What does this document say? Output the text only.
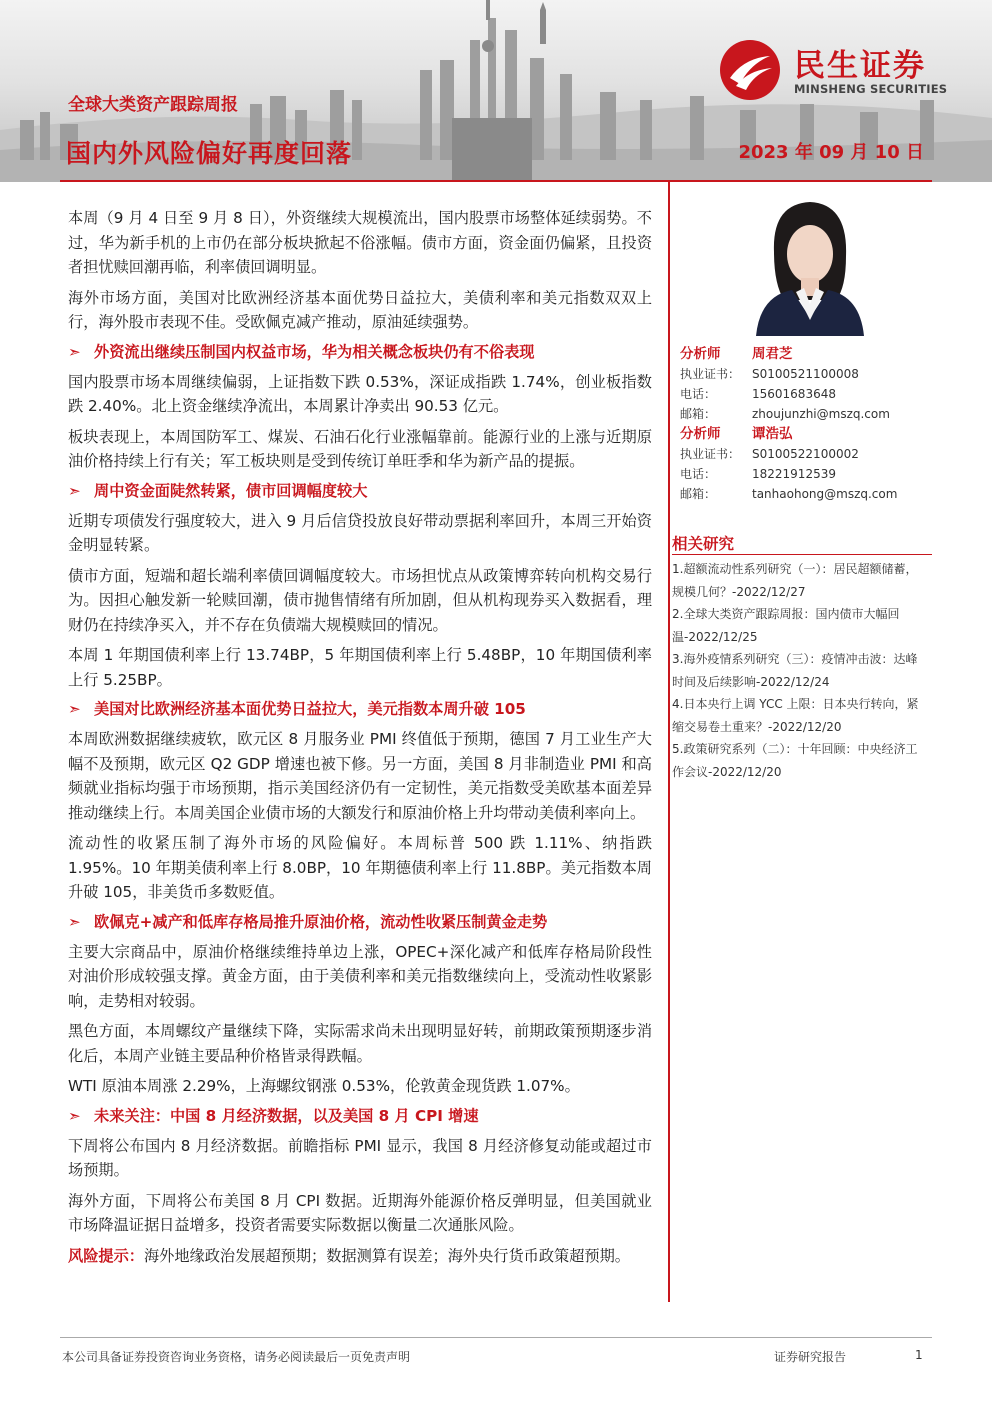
全球大类资产跟踪周报
国内外风险偏好再度回落	2023 年 09 月 10 日
民生证券
MINSHENG SECURITIES

本周（9 月 4 日至 9 月 8 日），外资继续大规模流出，国内股票市场整体延续弱势。不过，华为新手机的上市仍在部分板块掀起不俗涨幅。债市方面，资金面仍偏紧，且投资者担忧赎回潮再临，利率债回调明显。

海外市场方面，美国对比欧洲经济基本面优势日益拉大，美债利率和美元指数双双上行，海外股市表现不佳。受欧佩克减产推动，原油延续强势。

➣ 外资流出继续压制国内权益市场，华为相关概念板块仍有不俗表现

国内股票市场本周继续偏弱，上证指数下跌 0.53%，深证成指跌 1.74%，创业板指数跌 2.40%。北上资金继续净流出，本周累计净卖出 90.53 亿元。

板块表现上，本周国防军工、煤炭、石油石化行业涨幅靠前。能源行业的上涨与近期原油价格持续上行有关；军工板块则是受到传统订单旺季和华为新产品的提振。

➣ 周中资金面陡然转紧，债市回调幅度较大

近期专项债发行强度较大，进入 9 月后信贷投放良好带动票据利率回升，本周三开始资金明显转紧。

债市方面，短端和超长端利率债回调幅度较大。市场担忧点从政策博弈转向机构交易行为。因担心触发新一轮赎回潮，债市抛售情绪有所加剧，但从机构现券买入数据看，理财仍在持续净买入，并不存在负债端大规模赎回的情况。

本周 1 年期国债利率上行 13.74BP，5 年期国债利率上行 5.48BP，10 年期国债利率上行 5.25BP。

➣ 美国对比欧洲经济基本面优势日益拉大，美元指数本周升破 105

本周欧洲数据继续疲软，欧元区 8 月服务业 PMI 终值低于预期，德国 7 月工业生产大幅不及预期，欧元区 Q2 GDP 增速也被下修。另一方面，美国 8 月非制造业 PMI 和高频就业指标均强于市场预期，指示美国经济仍有一定韧性，美元指数受美欧基本面差异推动继续上行。本周美国企业债市场的大额发行和原油价格上升均带动美债利率向上。

流动性的收紧压制了海外市场的风险偏好。本周标普 500 跌 1.11%、纳指跌 1.95%。10 年期美债利率上行 8.0BP，10 年期德债利率上行 11.8BP。美元指数本周升破 105，非美货币多数贬值。

➣ 欧佩克+减产和低库存格局推升原油价格，流动性收紧压制黄金走势

主要大宗商品中，原油价格继续维持单边上涨，OPEC+深化减产和低库存格局阶段性对油价形成较强支撑。黄金方面，由于美债利率和美元指数继续向上，受流动性收紧影响，走势相对较弱。

黑色方面，本周螺纹产量继续下降，实际需求尚未出现明显好转，前期政策预期逐步消化后，本周产业链主要品种价格皆录得跌幅。

WTI 原油本周涨 2.29%，上海螺纹钢涨 0.53%，伦敦黄金现货跌 1.07%。

➣ 未来关注：中国 8 月经济数据，以及美国 8 月 CPI 增速

下周将公布国内 8 月经济数据。前瞻指标 PMI 显示，我国 8 月经济修复动能或超过市场预期。

海外方面，下周将公布美国 8 月 CPI 数据。近期海外能源价格反弹明显，但美国就业市场降温证据日益增多，投资者需要实际数据以衡量二次通胀风险。

风险提示：海外地缘政治发展超预期；数据测算有误差；海外央行货币政策超预期。

分析师 周君芝
执业证书： S0100521100008
电话：	15601683648
邮箱：	zhoujunzhi@mszq.com
分析师 谭浩弘
执业证书： S0100522100002
电话：	18221912539
邮箱：	tanhaohong@mszq.com
相关研究
1.超额流动性系列研究（一）：居民超额储蓄，规模几何？-2022/12/27
2.全球大类资产跟踪周报：国内债市大幅回温-2022/12/25
3.海外疫情系列研究（三）：疫情冲击波：达峰时间及后续影响-2022/12/24
4.日本央行上调 YCC 上限：日本央行转向，紧缩交易卷土重来？-2022/12/20
5.政策研究系列（二）：十年回顾：中央经济工作会议-2022/12/20
本公司具备证券投资咨询业务资格，请务必阅读最后一页免责声明	证券研究报告	1
